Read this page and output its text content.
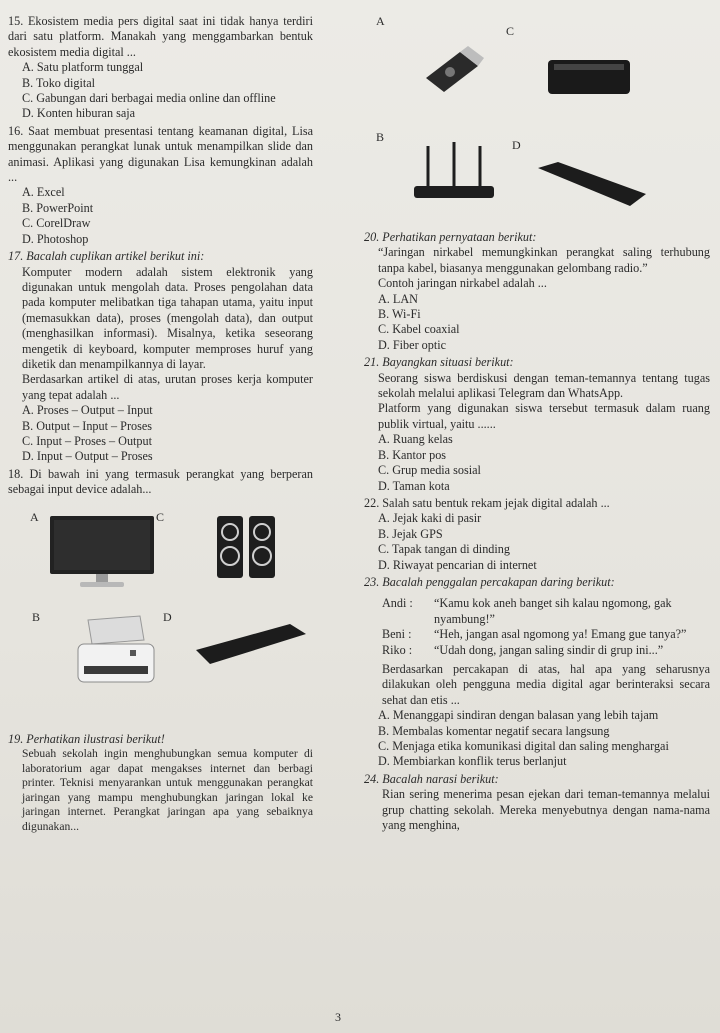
15. Ekosistem media pers digital saat ini tidak hanya terdiri dari satu platform. Manakah yang menggambarkan bentuk ekosistem media digital ...
A. Satu platform tunggal
B. Toko digital
C. Gabungan dari berbagai media online dan offline
D. Konten hiburan saja
16. Saat membuat presentasi tentang keamanan digital, Lisa menggunakan perangkat lunak untuk menampilkan slide dan animasi. Aplikasi yang digunakan Lisa kemungkinan adalah ...
A. Excel
B. PowerPoint
C. CorelDraw
D. Photoshop
17. Bacalah cuplikan artikel berikut ini:
Komputer modern adalah sistem elektronik yang digunakan untuk mengolah data. Proses pengolahan data pada komputer melibatkan tiga tahapan utama, yaitu input (memasukkan data), proses (mengolah data), dan output (menghasilkan informasi). Misalnya, ketika seseorang mengetik di keyboard, komputer memproses huruf yang diketik dan menampilkannya di layar.
Berdasarkan artikel di atas, urutan proses kerja komputer yang tepat adalah ...
A. Proses – Output – Input
B. Output – Input – Proses
C. Input – Proses – Output
D. Input – Output – Proses
18. Di bawah ini yang termasuk perangkat yang berperan sebagai input device adalah...
A	C
B	D
19. Perhatikan ilustrasi berikut!
Sebuah sekolah ingin menghubungkan semua komputer di laboratorium agar dapat mengakses internet dan berbagi printer. Teknisi menyarankan untuk menggunakan perangkat jaringan yang mampu menghubungkan jaringan lokal ke jaringan internet. Perangkat jaringan apa yang sebaiknya digunakan...
A
C
B
D
20. Perhatikan pernyataan berikut:
“Jaringan nirkabel memungkinkan perangkat saling terhubung tanpa kabel, biasanya menggunakan gelombang radio.”
Contoh jaringan nirkabel adalah ...
A. LAN
B. Wi-Fi
C. Kabel coaxial
D. Fiber optic
21. Bayangkan situasi berikut:
Seorang siswa berdiskusi dengan teman-temannya tentang tugas sekolah melalui aplikasi Telegram dan WhatsApp.
Platform yang digunakan siswa tersebut termasuk dalam ruang publik virtual, yaitu ......
A. Ruang kelas
B. Kantor pos
C. Grup media sosial
D. Taman kota
22. Salah satu bentuk rekam jejak digital adalah ...
A. Jejak kaki di pasir
B. Jejak GPS
C. Tapak tangan di dinding
D. Riwayat pencarian di internet
23. Bacalah penggalan percakapan daring berikut:
Andi :	“Kamu kok aneh banget sih kalau ngomong, gak nyambung!”
Beni :	“Heh, jangan asal ngomong ya! Emang gue tanya?”
Riko :	“Udah dong, jangan saling sindir di grup ini...”
Berdasarkan percakapan di atas, hal apa yang seharusnya dilakukan oleh pengguna media digital agar berinteraksi secara sehat dan etis ...
A. Menanggapi sindiran dengan balasan yang lebih tajam
B. Membalas komentar negatif secara langsung
C. Menjaga etika komunikasi digital dan saling menghargai
D. Membiarkan konflik terus berlanjut
24. Bacalah narasi berikut:
Rian sering menerima pesan ejekan dari teman-temannya melalui grup chatting sekolah. Mereka menyebutnya dengan nama-nama yang menghina,
3
